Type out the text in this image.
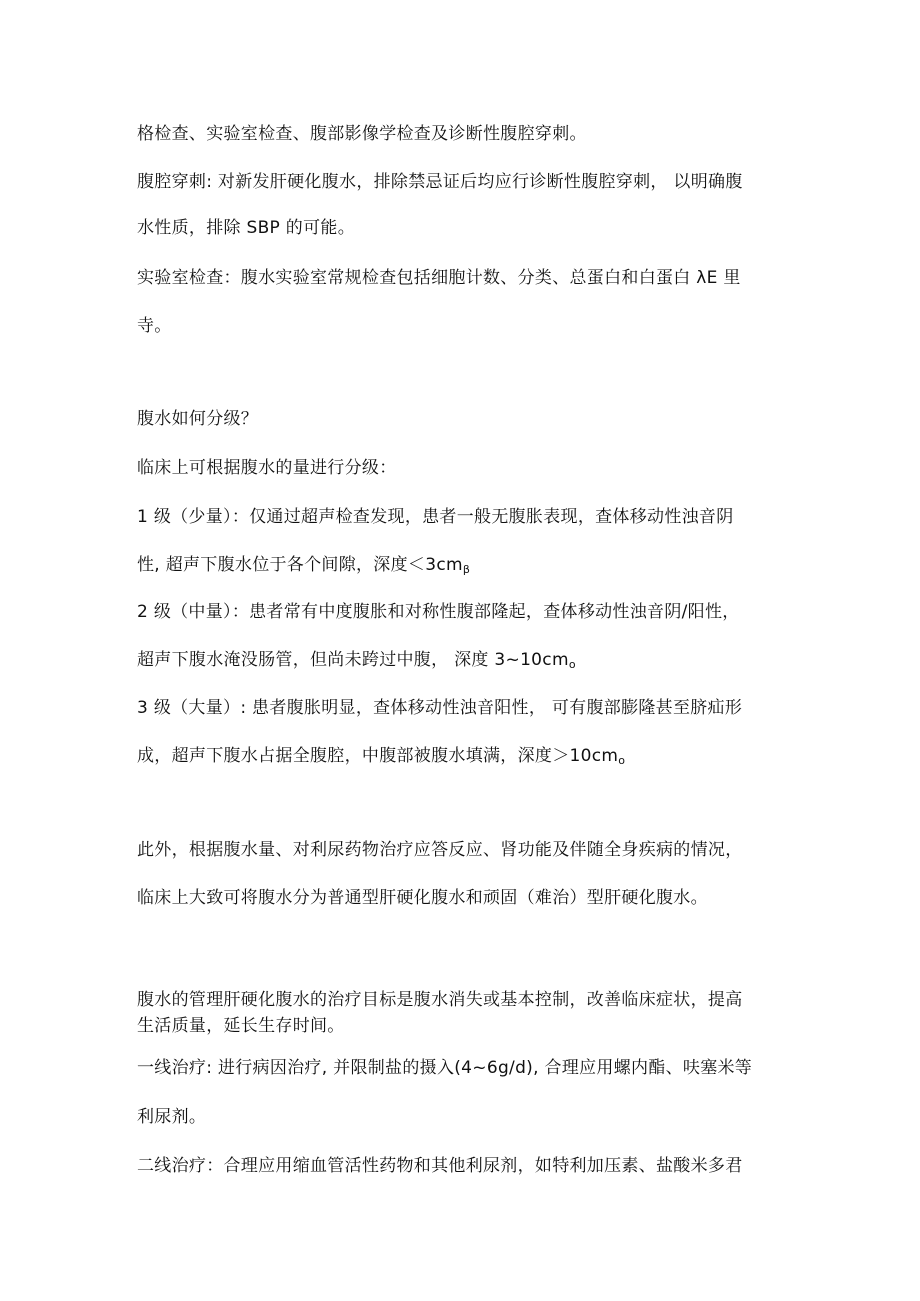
格检查、实验室检查、腹部影像学检查及诊断性腹腔穿刺。
腹腔穿刺: 对新发肝硬化腹水，排除禁忌证后均应行诊断性腹腔穿刺， 以明确腹
水性质，排除 SBP 的可能。
实验室检查：腹水实验室常规检查包括细胞计数、分类、总蛋白和白蛋白 λE 里
寺。
腹水如何分级？
临床上可根据腹水的量进行分级：
1 级（少量）：仅通过超声检查发现，患者一般无腹胀表现，查体移动性浊音阴
性, 超声下腹水位于各个间隙，深度$<3cm_\beta$
2 级（中量）：患者常有中度腹胀和对称性腹部隆起，查体移动性浊音阴/阳性，
超声下腹水淹没肠管，但尚未跨过中腹， 深度 $3\sim 10cm_o$
3 级（大量）: 患者腹胀明显，查体移动性浊音阳性， 可有腹部膨隆甚至脐疝形
成，超声下腹水占据全腹腔，中腹部被腹水填满，深度$>10cm_o$
此外，根据腹水量、对利尿药物治疗应答反应、肾功能及伴随全身疾病的情况，
临床上大致可将腹水分为普通型肝硬化腹水和顽固（难治）型肝硬化腹水。
腹水的管理肝硬化腹水的治疗目标是腹水消失或基本控制，改善临床症状，提高
生活质量，延长生存时间。
一线治疗: 进行病因治疗, 并限制盐的摄入(4~6g/d), 合理应用螺内酯、呋塞米等
利尿剂。
二线治疗：合理应用缩血管活性药物和其他利尿剂，如特利加压素、盐酸米多君
